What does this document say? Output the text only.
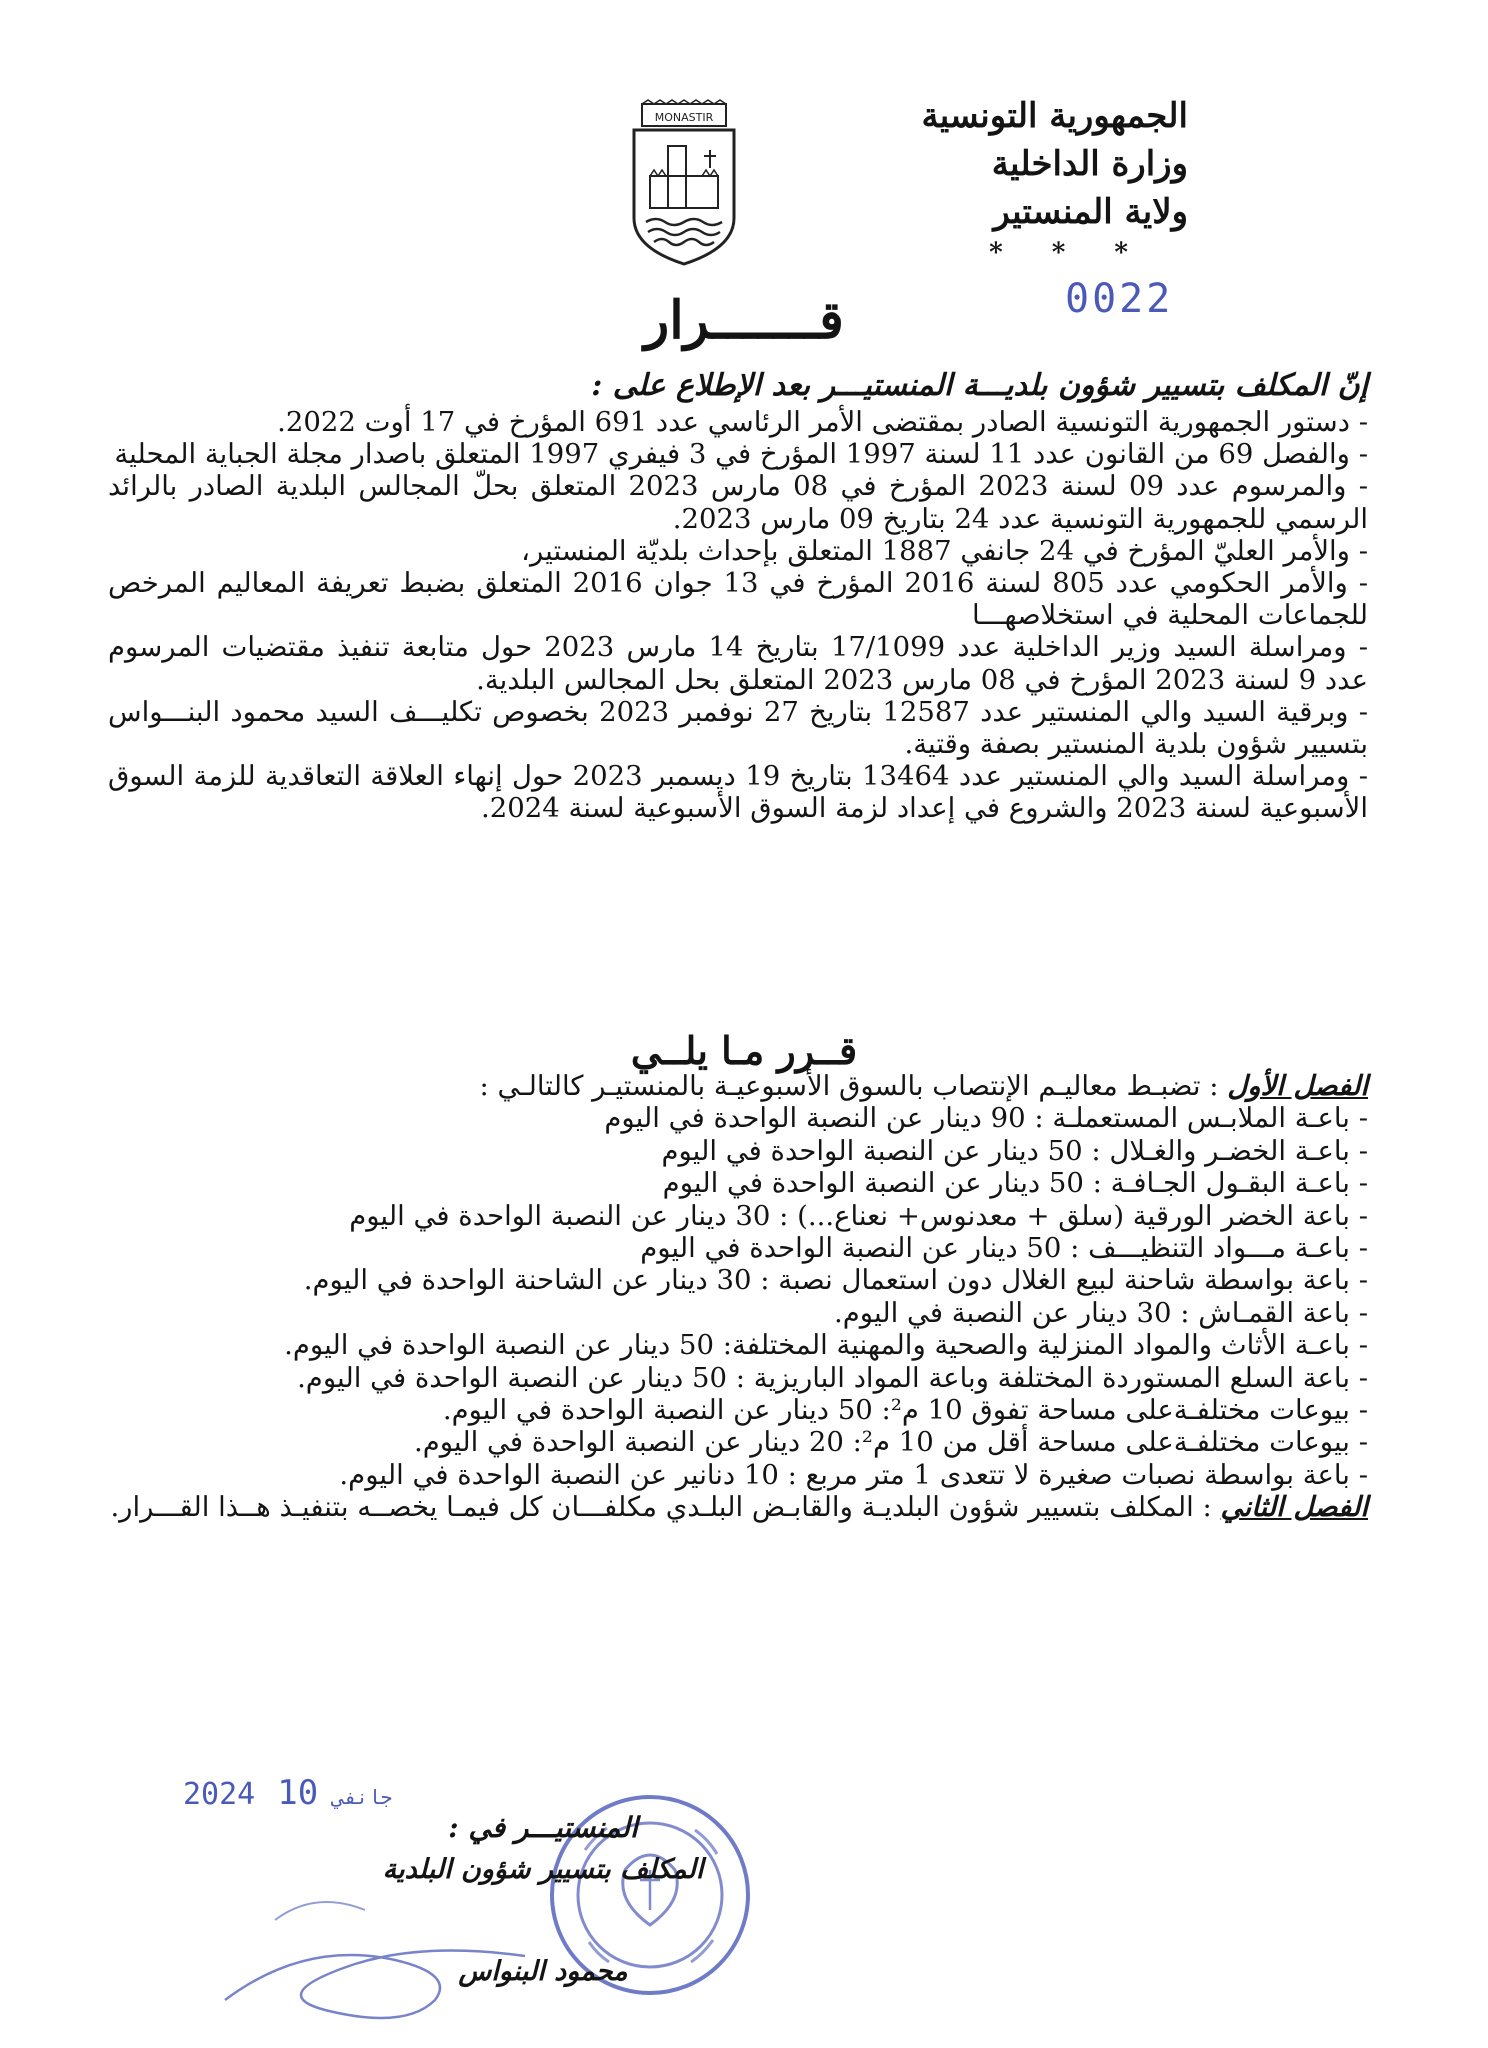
الجمهورية التونسية
وزارة الداخلية
ولاية المنستير
* * *
MONASTIR
0022
قـــــــرار
إنّ المكلف بتسيير شؤون بلديـــة المنستيـــر بعد الإطلاع على :

- دستور الجمهورية التونسية الصادر بمقتضى الأمر الرئاسي عدد 691 المؤرخ في 17 أوت 2022.

- والفصل 69 من القانون عدد 11 لسنة 1997 المؤرخ في 3 فيفري 1997 المتعلق باصدار مجلة الجباية المحلية

- والمرسوم عدد 09 لسنة 2023 المؤرخ في 08 مارس 2023 المتعلق بحلّ المجالس البلدية الصادر بالرائد الرسمي للجمهورية التونسية عدد 24 بتاريخ 09 مارس 2023.

- والأمر العليّ المؤرخ في 24 جانفي 1887 المتعلق بإحداث بلديّة المنستير،

- والأمر الحكومي عدد 805 لسنة 2016 المؤرخ في 13 جوان 2016 المتعلق بضبط تعريفة المعاليم المرخص للجماعات المحلية في استخلاصهـــا

- ومراسلة السيد وزير الداخلية عدد 17/1099 بتاريخ 14 مارس 2023 حول متابعة تنفيذ مقتضيات المرسوم عدد 9 لسنة 2023 المؤرخ في 08 مارس 2023 المتعلق بحل المجالس البلدية.

- وبرقية السيد والي المنستير عدد 12587 بتاريخ 27 نوفمبر 2023 بخصوص تكليـــف السيد محمود البنـــواس بتسيير شؤون بلدية المنستير بصفة وقتية.

- ومراسلة السيد والي المنستير عدد 13464 بتاريخ 19 ديسمبر 2023 حول إنهاء العلاقة التعاقدية للزمة السوق الأسبوعية لسنة 2023 والشروع في إعداد لزمة السوق الأسبوعية لسنة 2024.

قــرر مـا يلــي

الفصل الأول : تضبـط معاليـم الإنتصاب بالسوق الأسبوعيـة بالمنستيـر كالتالـي :

- باعـة الملابـس المستعملـة : 90 دينار عن النصبة الواحدة في اليوم

- باعـة الخضـر والغـلال : 50 دينار عن النصبة الواحدة في اليوم

- باعـة البقـول الجـافـة : 50 دينار عن النصبة الواحدة في اليوم

- باعة الخضر الورقية (سلق + معدنوس+ نعناع...) : 30 دينار عن النصبة الواحدة في اليوم

- باعـة مـــواد التنظيـــف : 50 دينار عن النصبة الواحدة في اليوم

- باعة بواسطة شاحنة لبيع الغلال دون استعمال نصبة : 30 دينار عن الشاحنة الواحدة في اليوم.

- باعة القمـاش : 30 دينار عن النصبة في اليوم.

- باعـة الأثاث والمواد المنزلية والصحية والمهنية المختلفة: 50 دينار عن النصبة الواحدة في اليوم.

- باعة السلع المستوردة المختلفة وباعة المواد الباريزية : 50 دينار عن النصبة الواحدة في اليوم.

- بيوعات مختلفـةعلى مساحة تفوق 10 م²: 50 دينار عن النصبة الواحدة في اليوم.

- بيوعات مختلفـةعلى مساحة أقل من 10 م²: 20 دينار عن النصبة الواحدة في اليوم.

- باعة بواسطة نصبات صغيرة لا تتعدى 1 متر مربع : 10 دنانير عن النصبة الواحدة في اليوم.

الفصل الثاني : المكلف بتسيير شؤون البلديـة والقابـض البلـدي مكلفـــان كل فيمـا يخصــه بتنفيـذ هــذا القـــرار.

2024	جانفي10
المنستيـــر في :
المكلف بتسيير شؤون البلدية
محمود البنواس
